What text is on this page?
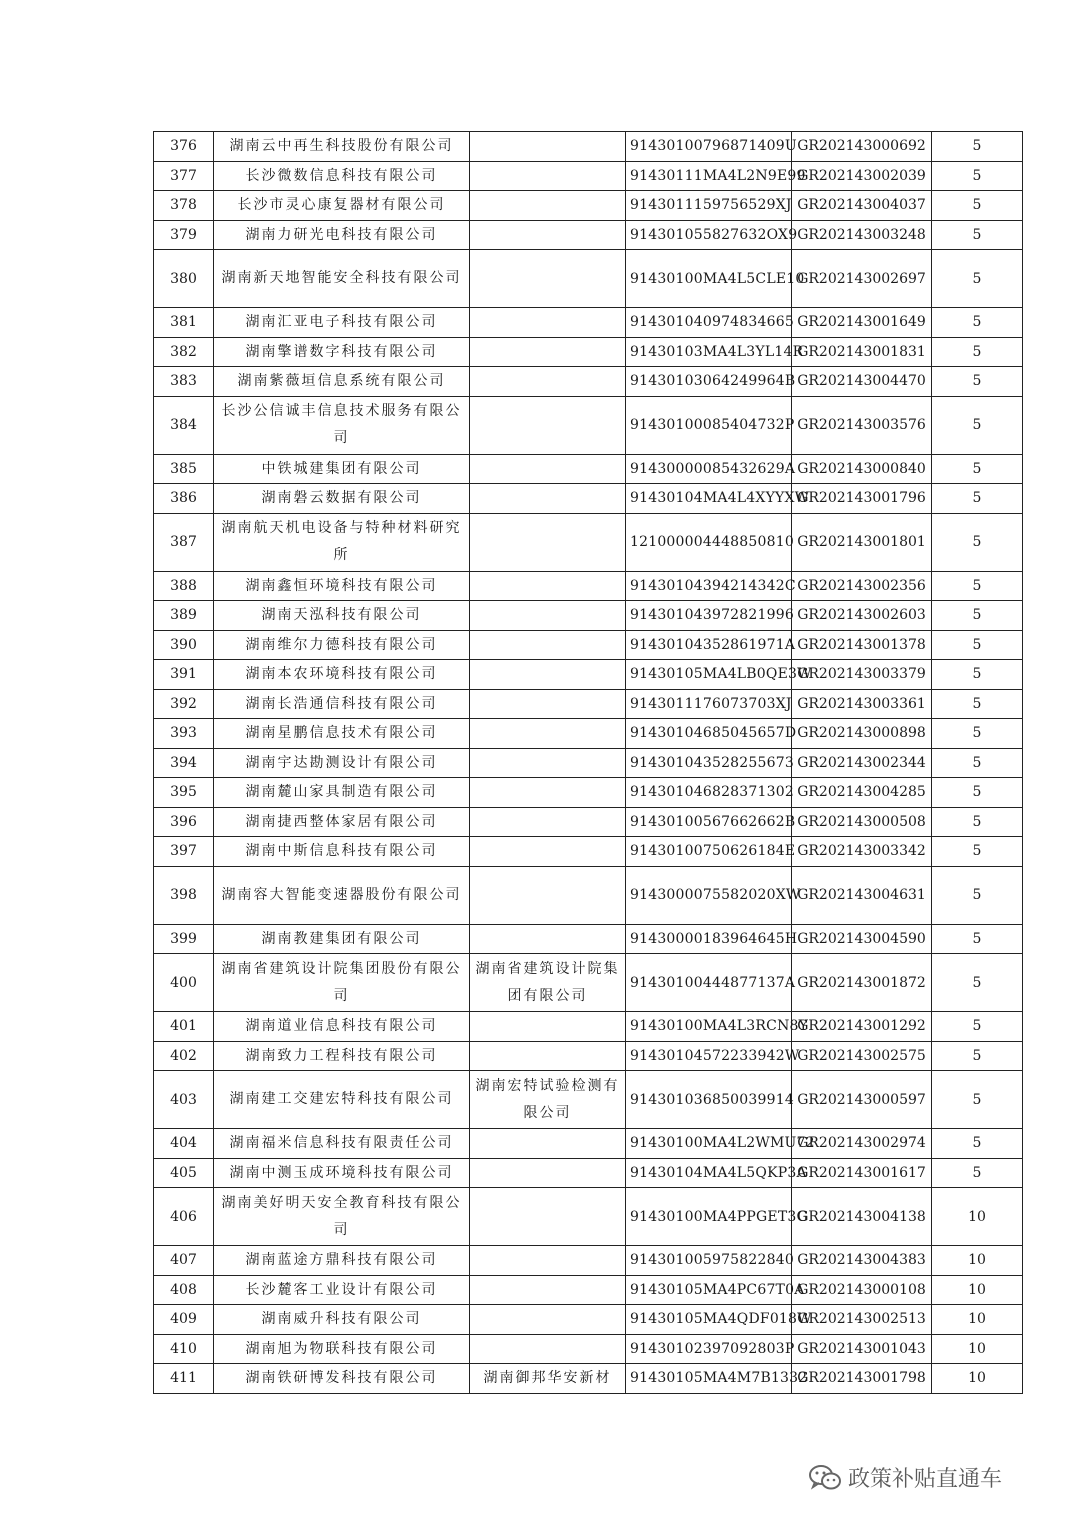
376	湖南云中再生科技股份有限公司		91430100796871409U	GR202143000692	5
377	长沙微数信息科技有限公司		91430111MA4L2N9E99	GR202143002039	5
378	长沙市灵心康复器材有限公司		9143011159756529XJ	GR202143004037	5
379	湖南力研光电科技有限公司		914301055827632OX9	GR202143003248	5
380	湖南新天地智能安全科技有限公司		91430100MA4L5CLE10	GR202143002697	5
381	湖南汇亚电子科技有限公司		914301040974834665	GR202143001649	5
382	湖南擎谱数字科技有限公司		91430103MA4L3YL14R	GR202143001831	5
383	湖南紫薇垣信息系统有限公司		91430103064249964B	GR202143004470	5
384	长沙公信诚丰信息技术服务有限公司		91430100085404732P	GR202143003576	5
385	中铁城建集团有限公司		91430000085432629A	GR202143000840	5
386	湖南磐云数据有限公司		91430104MA4L4XYYXW	GR202143001796	5
387	湖南航天机电设备与特种材料研究所		121000004448850810	GR202143001801	5
388	湖南鑫恒环境科技有限公司		91430104394214342C	GR202143002356	5
389	湖南天泓科技有限公司		914301043972821996	GR202143002603	5
390	湖南维尔力德科技有限公司		91430104352861971A	GR202143001378	5
391	湖南本农环境科技有限公司		91430105MA4LB0QE3W	GR202143003379	5
392	湖南长浩通信科技有限公司		9143011176073703XJ	GR202143003361	5
393	湖南星鹏信息技术有限公司		91430104685045657D	GR202143000898	5
394	湖南宇达勘测设计有限公司		914301043528255673	GR202143002344	5
395	湖南麓山家具制造有限公司		914301046828371302	GR202143004285	5
396	湖南捷西整体家居有限公司		91430100567662662B	GR202143000508	5
397	湖南中斯信息科技有限公司		91430100750626184E	GR202143003342	5
398	湖南容大智能变速器股份有限公司		9143000075582020XW	GR202143004631	5
399	湖南教建集团有限公司		91430000183964645H	GR202143004590	5
400	湖南省建筑设计院集团股份有限公司	湖南省建筑设计院集团有限公司	91430100444877137A	GR202143001872	5
401	湖南道业信息科技有限公司		91430100MA4L3RCN8Y	GR202143001292	5
402	湖南致力工程科技有限公司		91430104572233942W	GR202143002575	5
403	湖南建工交建宏特科技有限公司	湖南宏特试验检测有限公司	914301036850039914	GR202143000597	5
404	湖南福米信息科技有限责任公司		91430100MA4L2WMU72	GR202143002974	5
405	湖南中测玉成环境科技有限公司		91430104MA4L5QKP3A	GR202143001617	5
406	湖南美好明天安全教育科技有限公司		91430100MA4PPGET3G	GR202143004138	10
407	湖南蓝途方鼎科技有限公司		914301005975822840	GR202143004383	10
408	长沙麓客工业设计有限公司		91430105MA4PC67T0A	GR202143000108	10
409	湖南威升科技有限公司		91430105MA4QDF018W	GR202143002513	10
410	湖南旭为物联科技有限公司		91430102397092803P	GR202143001043	10
411	湖南铁研博发科技有限公司	湖南御邦华安新材	91430105MA4M7B1332	GR202143001798	10
政策补贴直通车
